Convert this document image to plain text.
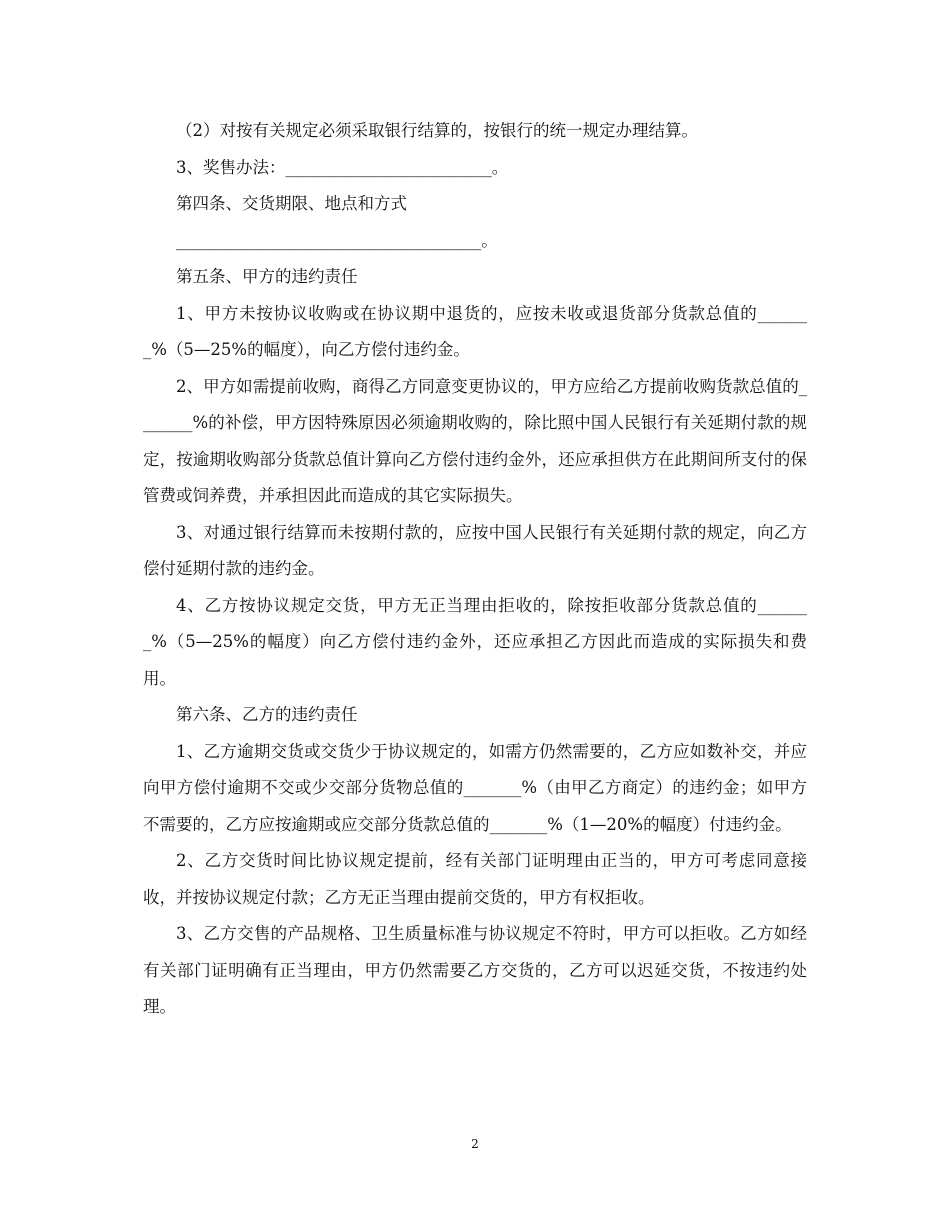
（2）对按有关规定必须采取银行结算的，按银行的统一规定办理结算。

3、奖售办法：_________________________。

第四条、交货期限、地点和方式

_____________________________________。

第五条、甲方的违约责任

1、甲方未按协议收购或在协议期中退货的，应按未收或退货部分货款总值的_______%（5—25%的幅度），向乙方偿付违约金。

2、甲方如需提前收购，商得乙方同意变更协议的，甲方应给乙方提前收购货款总值的_______%的补偿，甲方因特殊原因必须逾期收购的，除比照中国人民银行有关延期付款的规定，按逾期收购部分货款总值计算向乙方偿付违约金外，还应承担供方在此期间所支付的保管费或饲养费，并承担因此而造成的其它实际损失。

3、对通过银行结算而未按期付款的，应按中国人民银行有关延期付款的规定，向乙方偿付延期付款的违约金。

4、乙方按协议规定交货，甲方无正当理由拒收的，除按拒收部分货款总值的_______%（5—25%的幅度）向乙方偿付违约金外，还应承担乙方因此而造成的实际损失和费用。

第六条、乙方的违约责任

1、乙方逾期交货或交货少于协议规定的，如需方仍然需要的，乙方应如数补交，并应向甲方偿付逾期不交或少交部分货物总值的_______%（由甲乙方商定）的违约金；如甲方不需要的，乙方应按逾期或应交部分货款总值的_______%（1—20%的幅度）付违约金。

2、乙方交货时间比协议规定提前，经有关部门证明理由正当的，甲方可考虑同意接收，并按协议规定付款；乙方无正当理由提前交货的，甲方有权拒收。

3、乙方交售的产品规格、卫生质量标准与协议规定不符时，甲方可以拒收。乙方如经有关部门证明确有正当理由，甲方仍然需要乙方交货的，乙方可以迟延交货，不按违约处理。

2
